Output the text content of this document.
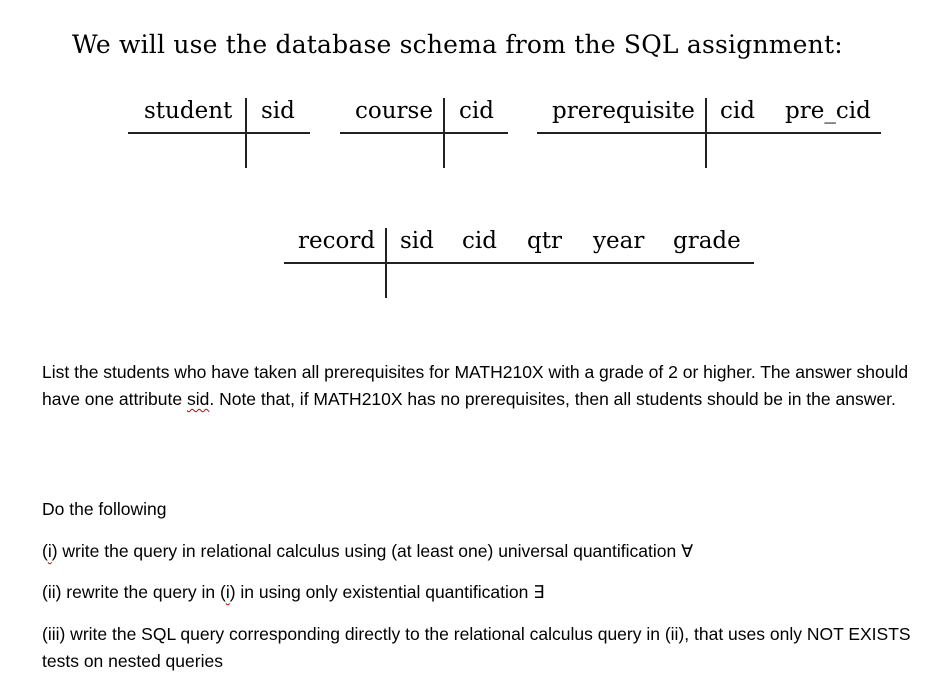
We will use the database schema from the SQL assignment:
student sid	course cid	prerequisite cid pre_cid
record sid cid qtr year grade
List the students who have taken all prerequisites for MATH210X with a grade of 2 or higher. The answer should have one attribute sid. Note that, if MATH210X has no prerequisites, then all students should be in the answer.
Do the following
(i) write the query in relational calculus using (at least one) universal quantification ∀
(ii) rewrite the query in (i) in using only existential quantification ∃
(iii) write the SQL query corresponding directly to the relational calculus query in (ii), that uses only NOT EXISTS tests on nested queries
